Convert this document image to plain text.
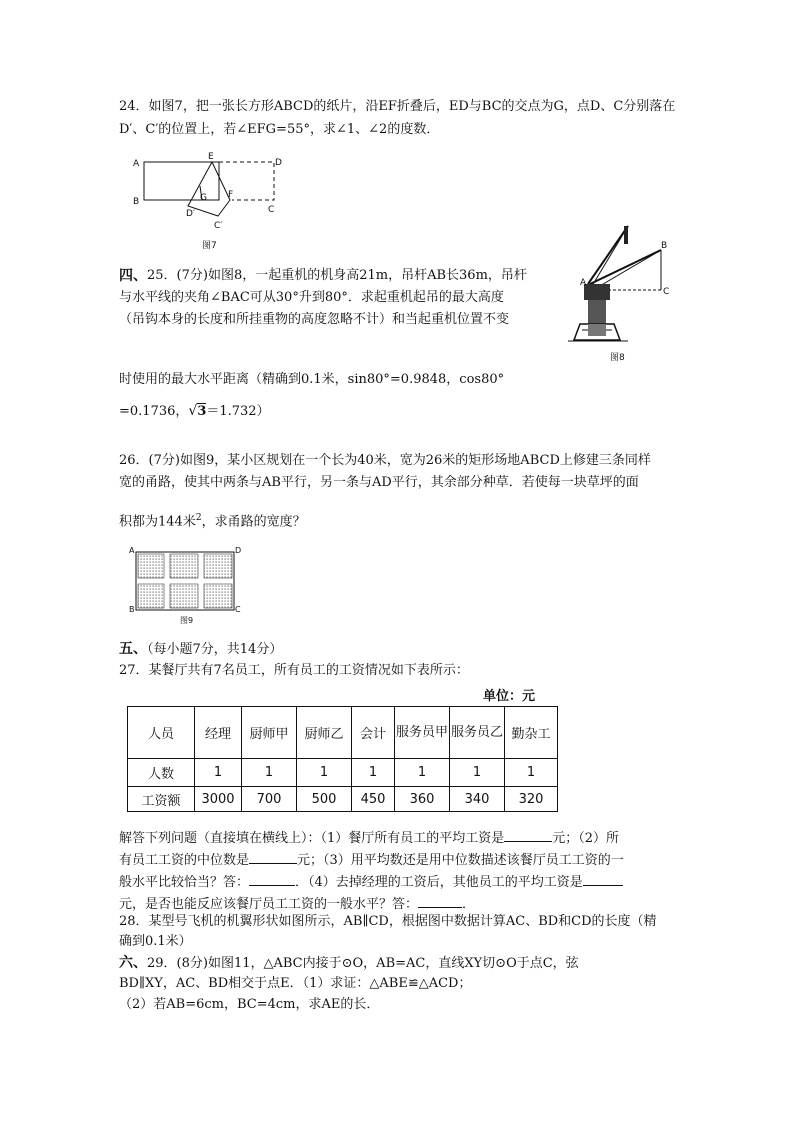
24．如图7，把一张长方形ABCD的纸片，沿EF折叠后，ED与BC的交点为G，点D、C分别落在
D′、C′的位置上，若∠EFG=55°，求∠1、∠2的度数．
A
B
E
D
C
G F
D′
C′
图7
四、 25．(7分)如图8，一起重机的机身高21m，吊杆AB长36m，吊杆
与水平线的夹角∠BAC可从30°升到80°．求起重机起吊的最大高度
（吊钩本身的长度和所挂重物的高度忽略不计）和当起重机位置不变
时使用的最大水平距离（精确到0.1米，sin80°=0.9848，cos80°
=0.1736，√3＝1.732）
A
B
C
图8
26．(7分)如图9，某小区规划在一个长为40米，宽为26米的矩形场地ABCD上修建三条同样
宽的甬路，使其中两条与AB平行，另一条与AD平行，其余部分种草．若使每一块草坪的面
积都为144米$^2$，求甬路的宽度？
A
B	C
D
图9
五、（每小题7分，共14分）
27．某餐厅共有7名员工，所有员工的工资情况如下表所示：
单位：元
人员	经理	厨师甲	厨师乙	会计	服务员甲	服务员乙	勤杂工
人数	1	1	1	1	1	1	1
工资额	3000	700	500	450	360	340	320
解答下列问题（直接填在横线上）：（1）餐厅所有员工的平均工资是	元；（2）所
有员工工资的中位数是	元；（3）用平均数还是用中位数描述该餐厅员工工资的一
般水平比较恰当？答：	．（4）去掉经理的工资后，其他员工的平均工资是
元，是否也能反应该餐厅员工工资的一般水平？答：	．
28．某型号飞机的机翼形状如图所示，AB∥CD，根据图中数据计算AC、BD和CD的长度（精
确到0.1米）
六、29．(8分)如图11，△ABC内接于⊙O，AB=AC，直线XY切⊙O于点C，弦
BD∥XY，AC、BD相交于点E．（1）求证：△ABE≌△ACD；
（2）若AB=6cm，BC=4cm，求AE的长．
